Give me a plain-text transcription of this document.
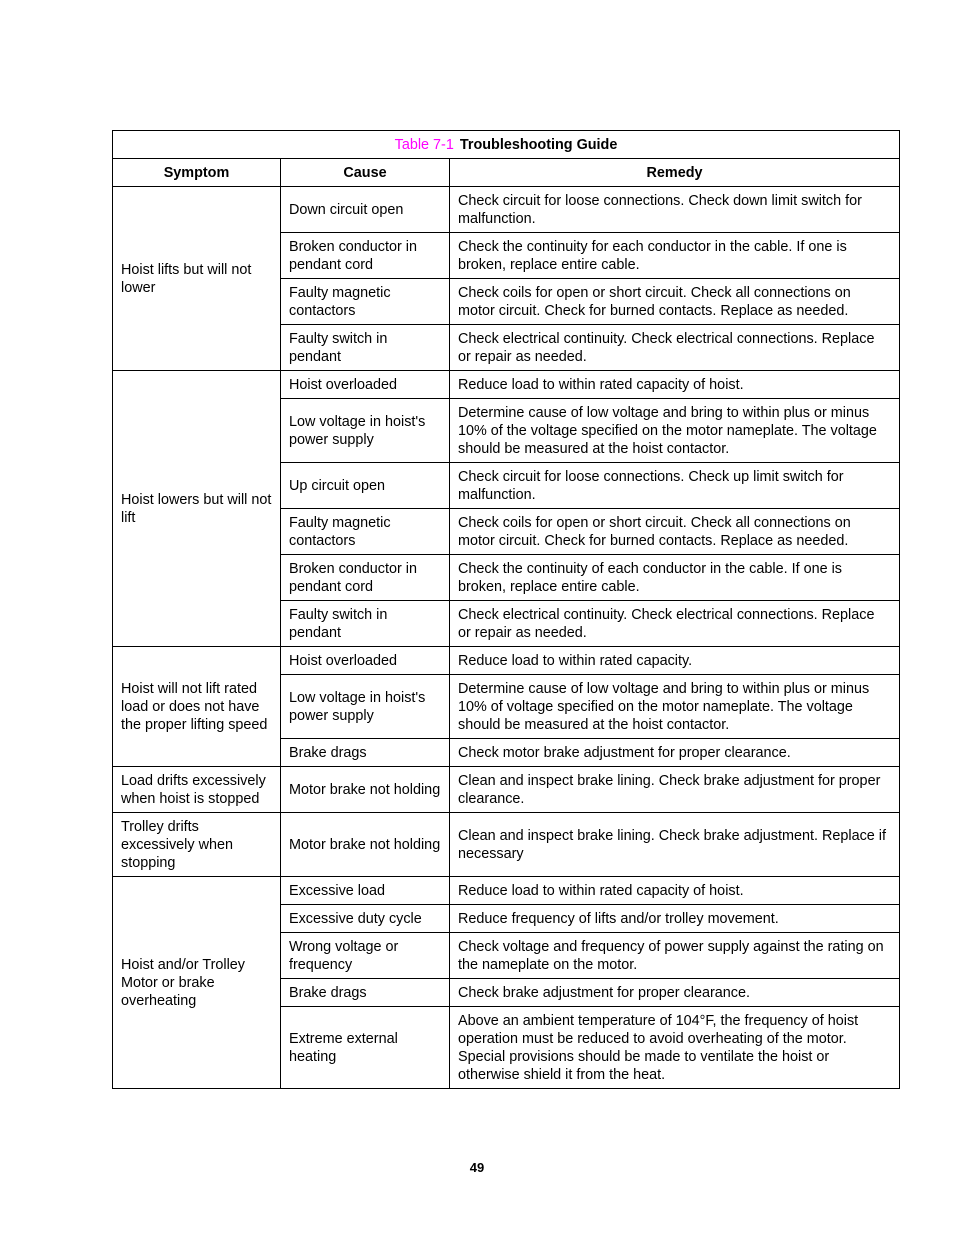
Table 7-1 Troubleshooting Guide		
Symptom	Cause	Remedy
Hoist lifts but will not lower	Down circuit open	Check circuit for loose connections. Check down limit switch for malfunction.
	Broken conductor in pendant cord	Check the continuity for each conductor in the cable. If one is broken, replace entire cable.
	Faulty magnetic contactors	Check coils for open or short circuit. Check all connections on motor circuit. Check for burned contacts. Replace as needed.
	Faulty switch in pendant	Check electrical continuity. Check electrical connections. Replace or repair as needed.
Hoist lowers but will not lift	Hoist overloaded	Reduce load to within rated capacity of hoist.
	Low voltage in hoist's power supply	Determine cause of low voltage and bring to within plus or minus 10% of the voltage specified on the motor nameplate. The voltage should be measured at the hoist contactor.
	Up circuit open	Check circuit for loose connections. Check up limit switch for malfunction.
	Faulty magnetic contactors	Check coils for open or short circuit. Check all connections on motor circuit. Check for burned contacts. Replace as needed.
	Broken conductor in pendant cord	Check the continuity of each conductor in the cable. If one is broken, replace entire cable.
	Faulty switch in pendant	Check electrical continuity. Check electrical connections. Replace or repair as needed.
Hoist will not lift rated load or does not have the proper lifting speed	Hoist overloaded	Reduce load to within rated capacity.
	Low voltage in hoist's power supply	Determine cause of low voltage and bring to within plus or minus 10% of voltage specified on the motor nameplate. The voltage should be measured at the hoist contactor.
	Brake drags	Check motor brake adjustment for proper clearance.
Load drifts excessively when hoist is stopped	Motor brake not holding	Clean and inspect brake lining. Check brake adjustment for proper clearance.
Trolley drifts excessively when stopping	Motor brake not holding	Clean and inspect brake lining. Check brake adjustment. Replace if necessary
Hoist and/or Trolley Motor or brake overheating	Excessive load	Reduce load to within rated capacity of hoist.
	Excessive duty cycle	Reduce frequency of lifts and/or trolley movement.
	Wrong voltage or frequency	Check voltage and frequency of power supply against the rating on the nameplate on the motor.
	Brake drags	Check brake adjustment for proper clearance.
	Extreme external heating	Above an ambient temperature of 104°F, the frequency of hoist operation must be reduced to avoid overheating of the motor. Special provisions should be made to ventilate the hoist or otherwise shield it from the heat.
49
